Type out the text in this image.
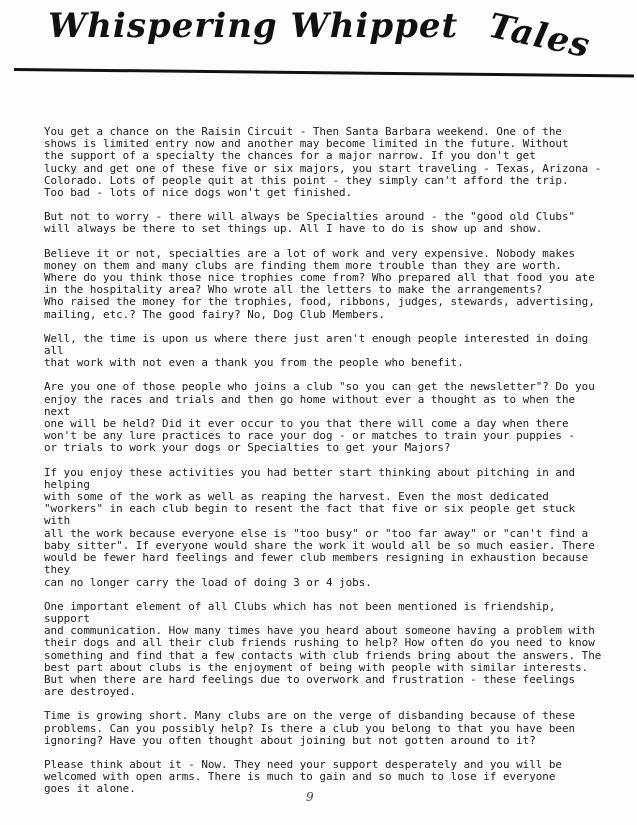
Whispering Whippet Tales

You get a chance on the Raisin Circuit - Then Santa Barbara weekend. One of the
shows is limited entry now and another may become limited in the future. Without
the support of a specialty the chances for a major narrow. If you don't get
lucky and get one of these five or six majors, you start traveling - Texas, Arizona -
Colorado. Lots of people quit at this point - they simply can't afford the trip.
Too bad - lots of nice dogs won't get finished.

But not to worry - there will always be Specialties around - the "good old Clubs"
will always be there to set things up. All I have to do is show up and show.

Believe it or not, specialties are a lot of work and very expensive. Nobody makes
money on them and many clubs are finding them more trouble than they are worth.
Where do you think those nice trophies come from? Who prepared all that food you ate
in the hospitality area? Who wrote all the letters to make the arrangements?
Who raised the money for the trophies, food, ribbons, judges, stewards, advertising,
mailing, etc.? The good fairy? No, Dog Club Members.

Well, the time is upon us where there just aren't enough people interested in doing all
that work with not even a thank you from the people who benefit.

Are you one of those people who joins a club "so you can get the newsletter"? Do you
enjoy the races and trials and then go home without ever a thought as to when the next
one will be held? Did it ever occur to you that there will come a day when there
won't be any lure practices to race your dog - or matches to train your puppies -
or trials to work your dogs or Specialties to get your Majors?

If you enjoy these activities you had better start thinking about pitching in and helping
with some of the work as well as reaping the harvest. Even the most dedicated
"workers" in each club begin to resent the fact that five or six people get stuck with
all the work because everyone else is "too busy" or "too far away" or "can't find a
baby sitter". If everyone would share the work it would all be so much easier. There
would be fewer hard feelings and fewer club members resigning in exhaustion because they
can no longer carry the load of doing 3 or 4 jobs.

One important element of all Clubs which has not been mentioned is friendship, support
and communication. How many times have you heard about someone having a problem with
their dogs and all their club friends rushing to help? How often do you need to know
something and find that a few contacts with club friends bring about the answers. The
best part about clubs is the enjoyment of being with people with similar interests.
But when there are hard feelings due to overwork and frustration - these feelings
are destroyed.

Time is growing short. Many clubs are on the verge of disbanding because of these
problems. Can you possibly help? Is there a club you belong to that you have been
ignoring? Have you often thought about joining but not gotten around to it?

Please think about it - Now. They need your support desperately and you will be
welcomed with open arms. There is much to gain and so much to lose if everyone
goes it alone.

9
